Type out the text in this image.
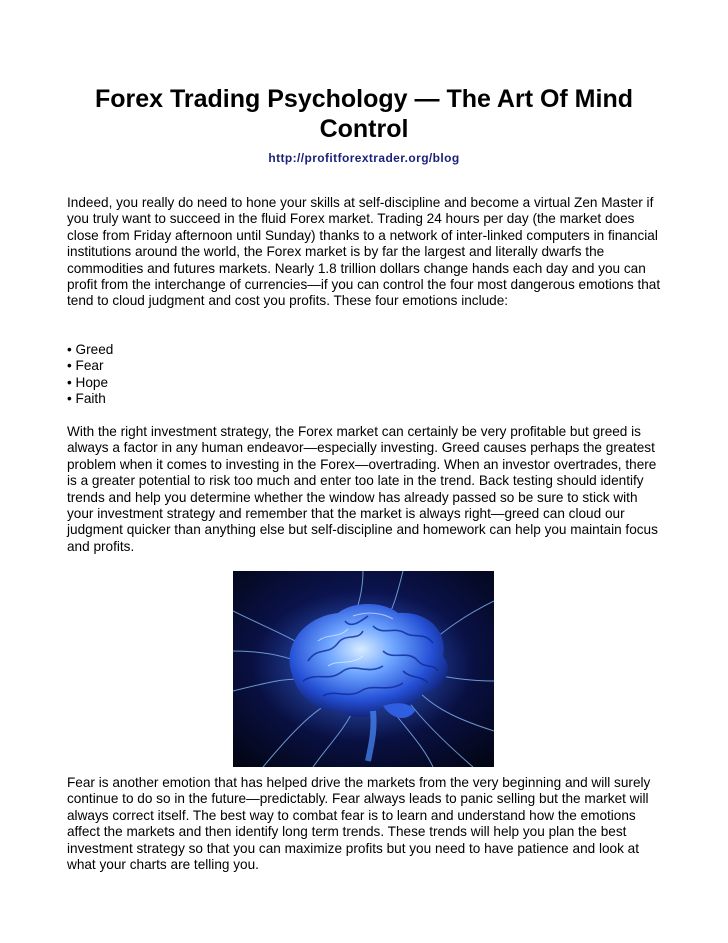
Forex Trading Psychology — The Art Of Mind Control
http://profitforextrader.org/blog

Indeed, you really do need to hone your skills at self-discipline and become a virtual Zen Master if you truly want to succeed in the fluid Forex market. Trading 24 hours per day (the market does close from Friday afternoon until Sunday) thanks to a network of inter-linked computers in financial institutions around the world, the Forex market is by far the largest and literally dwarfs the commodities and futures markets. Nearly 1.8 trillion dollars change hands each day and you can profit from the interchange of currencies—if you can control the four most dangerous emotions that tend to cloud judgment and cost you profits. These four emotions include:

• Greed
• Fear
• Hope
• Faith

With the right investment strategy, the Forex market can certainly be very profitable but greed is always a factor in any human endeavor—especially investing. Greed causes perhaps the greatest problem when it comes to investing in the Forex—overtrading. When an investor overtrades, there is a greater potential to risk too much and enter too late in the trend. Back testing should identify trends and help you determine whether the window has already passed so be sure to stick with your investment strategy and remember that the market is always right—greed can cloud our judgment quicker than anything else but self-discipline and homework can help you maintain focus and profits.

Fear is another emotion that has helped drive the markets from the very beginning and will surely continue to do so in the future—predictably. Fear always leads to panic selling but the market will always correct itself. The best way to combat fear is to learn and understand how the emotions affect the markets and then identify long term trends. These trends will help you plan the best investment strategy so that you can maximize profits but you need to have patience and look at what your charts are telling you.
